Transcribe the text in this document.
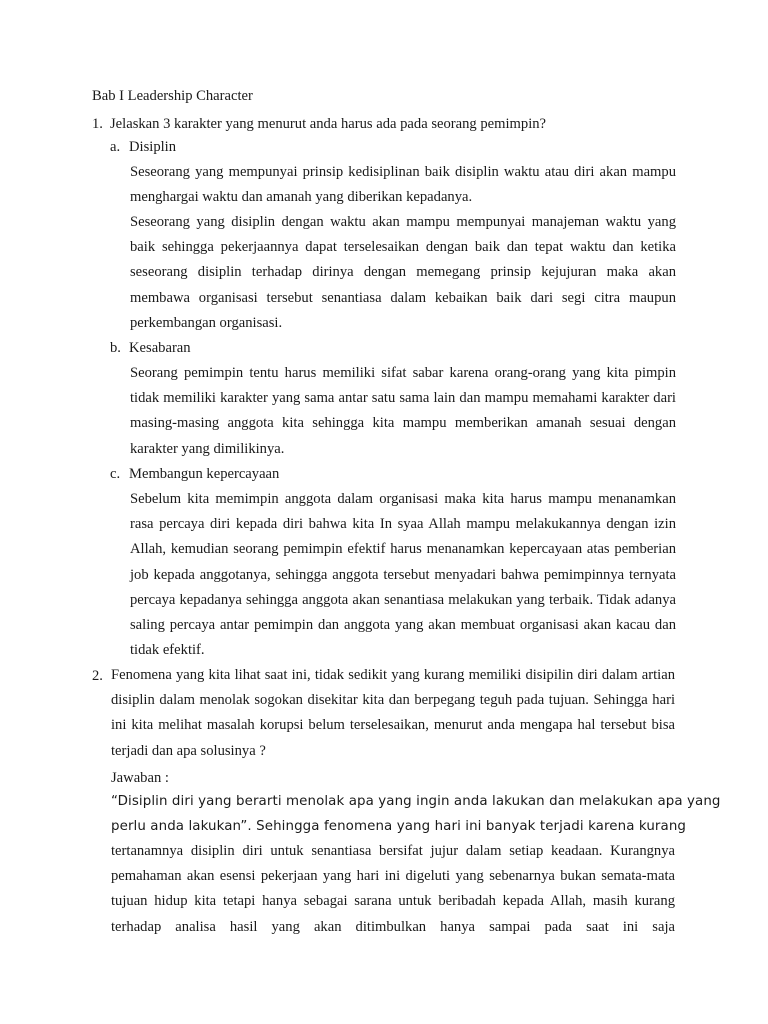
Bab I Leadership Character
1. Jelaskan 3 karakter yang menurut anda harus ada pada seorang pemimpin?
a. Disiplin

Seseorang yang mempunyai prinsip kedisiplinan baik disiplin waktu atau diri akan mampu menghargai waktu dan amanah yang diberikan kepadanya.

Seseorang yang disiplin dengan waktu akan mampu mempunyai manajeman waktu yang baik sehingga pekerjaannya dapat terselesaikan dengan baik dan tepat waktu dan ketika seseorang disiplin terhadap dirinya dengan memegang prinsip kejujuran maka akan membawa organisasi tersebut senantiasa dalam kebaikan baik dari segi citra maupun perkembangan organisasi.

b. Kesabaran

Seorang pemimpin tentu harus memiliki sifat sabar karena orang-orang yang kita pimpin tidak memiliki karakter yang sama antar satu sama lain dan mampu memahami karakter dari masing-masing anggota kita sehingga kita mampu memberikan amanah sesuai dengan karakter yang dimilikinya.

c. Membangun kepercayaan

Sebelum kita memimpin anggota dalam organisasi maka kita harus mampu menanamkan rasa percaya diri kepada diri bahwa kita In syaa Allah mampu melakukannya dengan izin Allah, kemudian seorang pemimpin efektif harus menanamkan kepercayaan atas pemberian job kepada anggotanya, sehingga anggota tersebut menyadari bahwa pemimpinnya ternyata percaya kepadanya sehingga anggota akan senantiasa melakukan yang terbaik. Tidak adanya saling percaya antar pemimpin dan anggota yang akan membuat organisasi akan kacau dan tidak efektif.

2. Fenomena yang kita lihat saat ini, tidak sedikit yang kurang memiliki disipilin diri dalam artian disiplin dalam menolak sogokan disekitar kita dan berpegang teguh pada tujuan. Sehingga hari ini kita melihat masalah korupsi belum terselesaikan, menurut anda mengapa hal tersebut bisa terjadi dan apa solusinya ?

Jawaban :
“Disiplin diri yang berarti menolak apa yang ingin anda lakukan dan melakukan apa yang
perlu anda lakukan”. Sehingga fenomena yang hari ini banyak terjadi karena kurang

tertanamnya disiplin diri untuk senantiasa bersifat jujur dalam setiap keadaan. Kurangnya pemahaman akan esensi pekerjaan yang hari ini digeluti yang sebenarnya bukan semata-mata tujuan hidup kita tetapi hanya sebagai sarana untuk beribadah kepada Allah, masih kurang terhadap analisa hasil yang akan ditimbulkan hanya sampai pada saat ini saja
